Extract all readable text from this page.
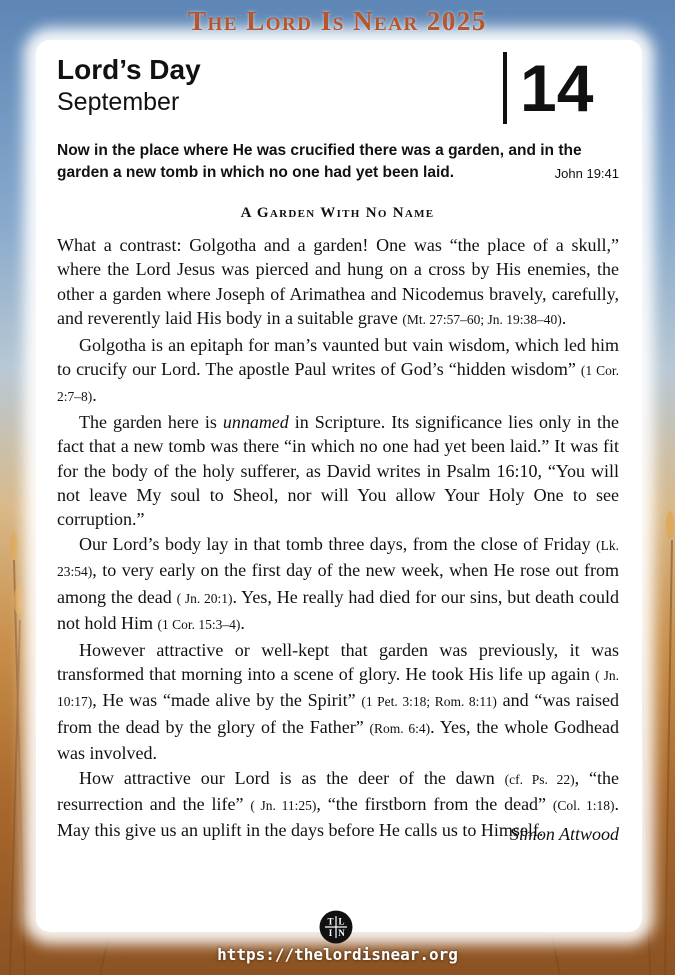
The Lord Is Near 2025
Lord’s Day
September	14
Now in the place where He was crucified there was a garden, and in the garden a new tomb in which no one had yet been laid.	John 19:41
A Garden With No Name

What a contrast: Golgotha and a garden! One was “the place of a skull,” where the Lord Jesus was pierced and hung on a cross by His enemies, the other a garden where Joseph of Arimathea and Nicodemus bravely, carefully, and reverently laid His body in a suitable grave (Mt. 27:57–60; Jn. 19:38–40).

Golgotha is an epitaph for man’s vaunted but vain wisdom, which led him to crucify our Lord. The apostle Paul writes of God’s “hidden wisdom” (1 Cor. 2:7–8).

The garden here is unnamed in Scripture. Its significance lies only in the fact that a new tomb was there “in which no one had yet been laid.” It was fit for the body of the holy sufferer, as David writes in Psalm 16:10, “You will not leave My soul to Sheol, nor will You allow Your Holy One to see corruption.”

Our Lord’s body lay in that tomb three days, from the close of Friday (Lk. 23:54), to very early on the first day of the new week, when He rose out from among the dead ( Jn. 20:1). Yes, He really had died for our sins, but death could not hold Him (1 Cor. 15:3–4).

However attractive or well-kept that garden was previously, it was transformed that morning into a scene of glory. He took His life up again ( Jn. 10:17), He was “made alive by the Spirit” (1 Pet. 3:18; Rom. 8:11) and “was raised from the dead by the glory of the Father” (Rom. 6:4). Yes, the whole Godhead was involved.

How attractive our Lord is as the deer of the dawn (cf. Ps. 22), “the resurrection and the life” ( Jn. 11:25), “the firstborn from the dead” (Col. 1:18). May this give us an uplift in the days before He calls us to Himself.

Simon Attwood
T L
I N
https://thelordisnear.org
